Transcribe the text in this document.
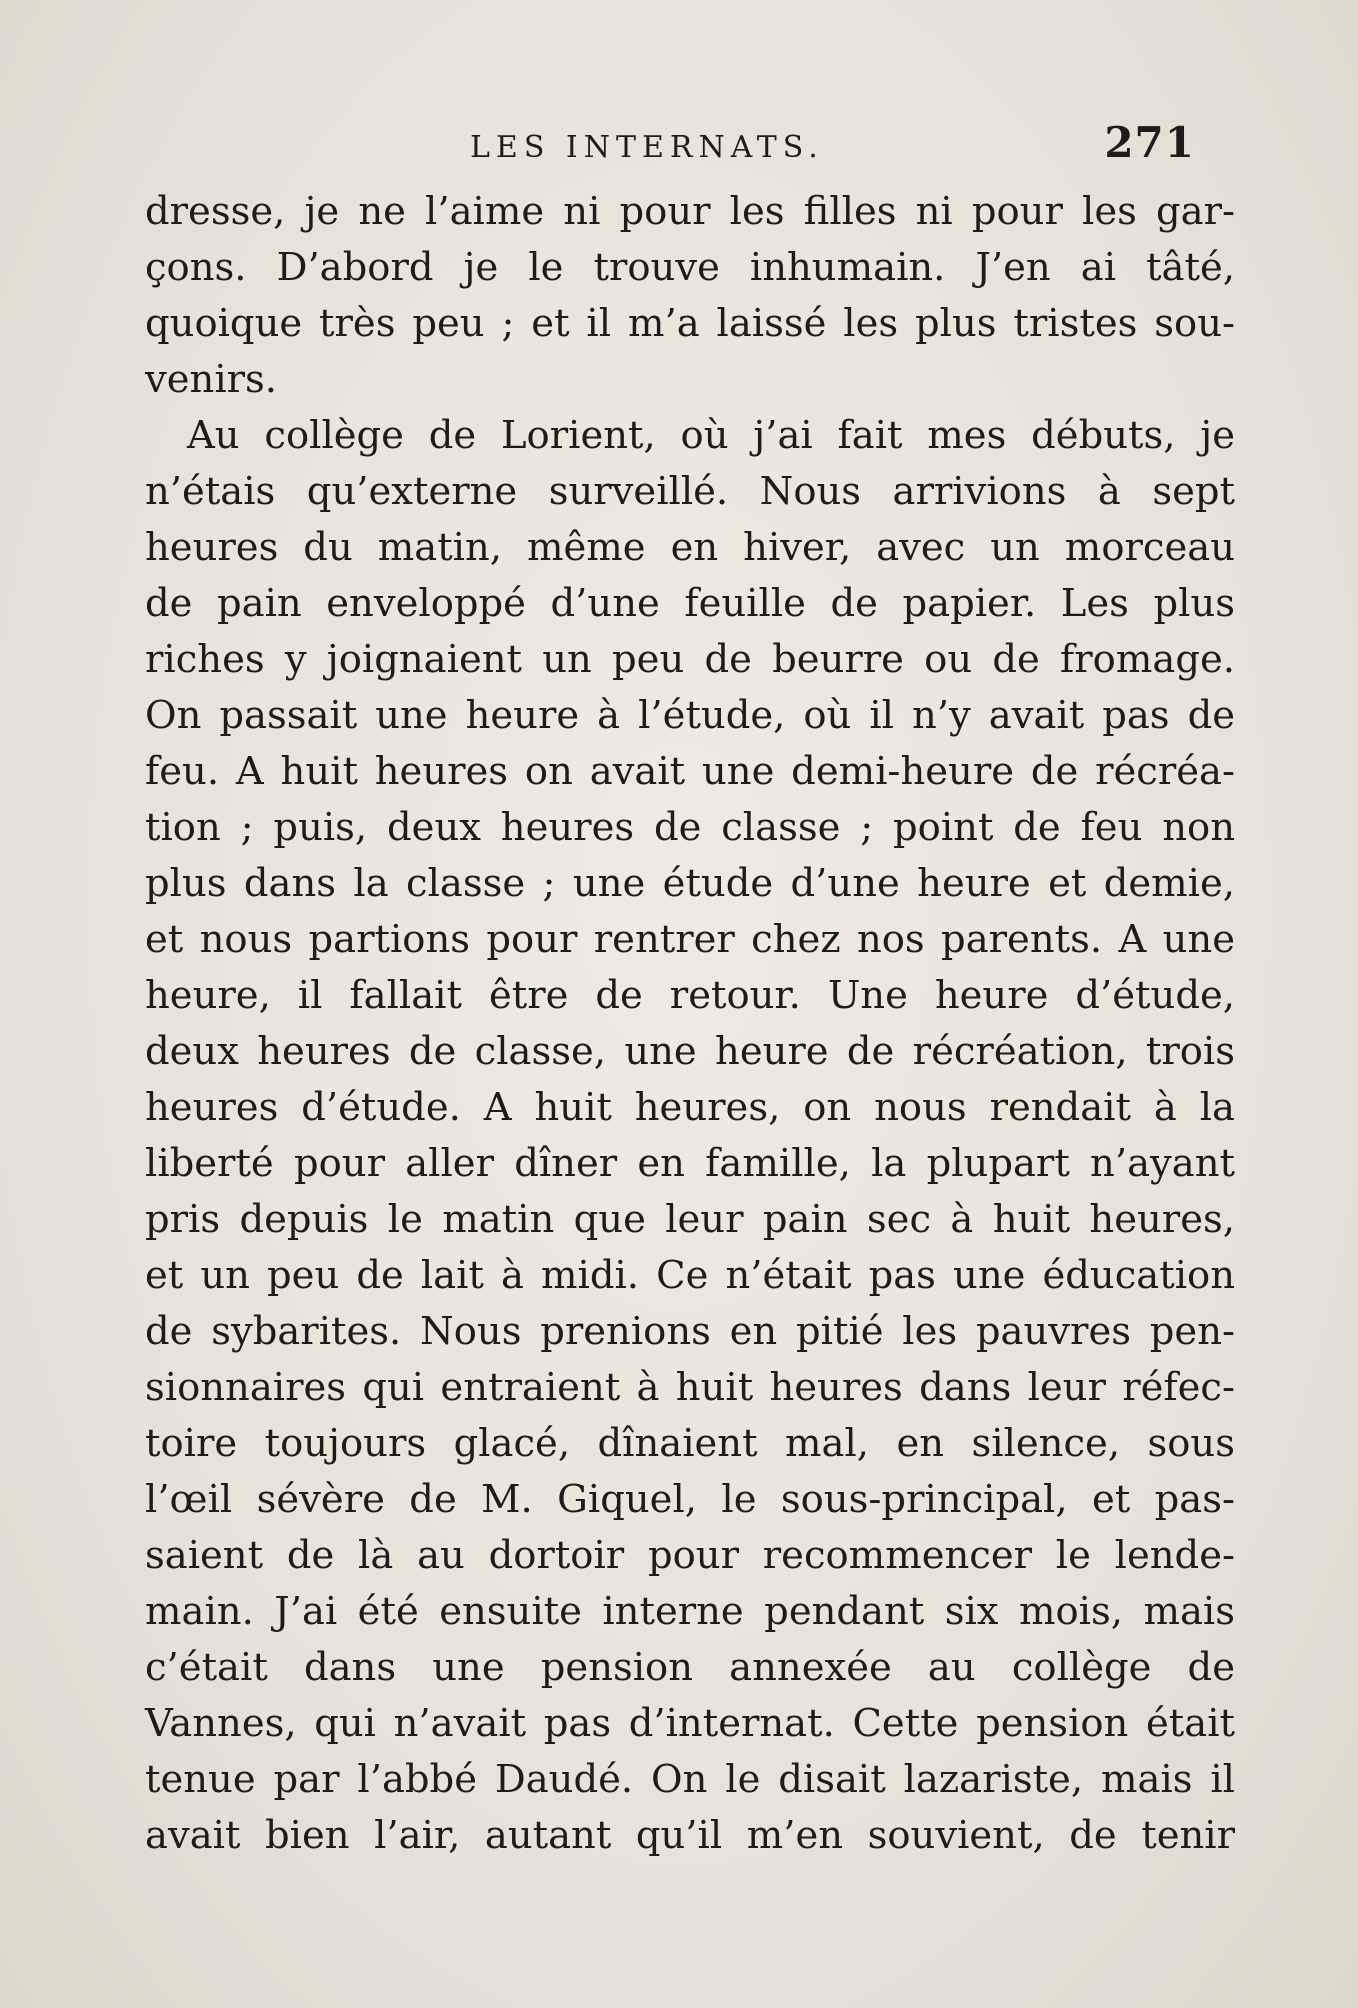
LES INTERNATS.	271
dresse, je ne l’aime ni pour les filles ni pour les gar-
çons. D’abord je le trouve inhumain. J’en ai tâté,
quoique très peu ; et il m’a laissé les plus tristes sou-
venirs.
Au collège de Lorient, où j’ai fait mes débuts, je
n’étais qu’externe surveillé. Nous arrivions à sept
heures du matin, même en hiver, avec un morceau
de pain enveloppé d’une feuille de papier. Les plus
riches y joignaient un peu de beurre ou de fromage.
On passait une heure à l’étude, où il n’y avait pas de
feu. A huit heures on avait une demi-heure de récréa-
tion ; puis, deux heures de classe ; point de feu non
plus dans la classe ; une étude d’une heure et demie,
et nous partions pour rentrer chez nos parents. A une
heure, il fallait être de retour. Une heure d’étude,
deux heures de classe, une heure de récréation, trois
heures d’étude. A huit heures, on nous rendait à la
liberté pour aller dîner en famille, la plupart n’ayant
pris depuis le matin que leur pain sec à huit heures,
et un peu de lait à midi. Ce n’était pas une éducation
de sybarites. Nous prenions en pitié les pauvres pen-
sionnaires qui entraient à huit heures dans leur réfec-
toire toujours glacé, dînaient mal, en silence, sous
l’œil sévère de M. Giquel, le sous-principal, et pas-
saient de là au dortoir pour recommencer le lende-
main. J’ai été ensuite interne pendant six mois, mais
c’était dans une pension annexée au collège de
Vannes, qui n’avait pas d’internat. Cette pension était
tenue par l’abbé Daudé. On le disait lazariste, mais il
avait bien l’air, autant qu’il m’en souvient, de tenir
